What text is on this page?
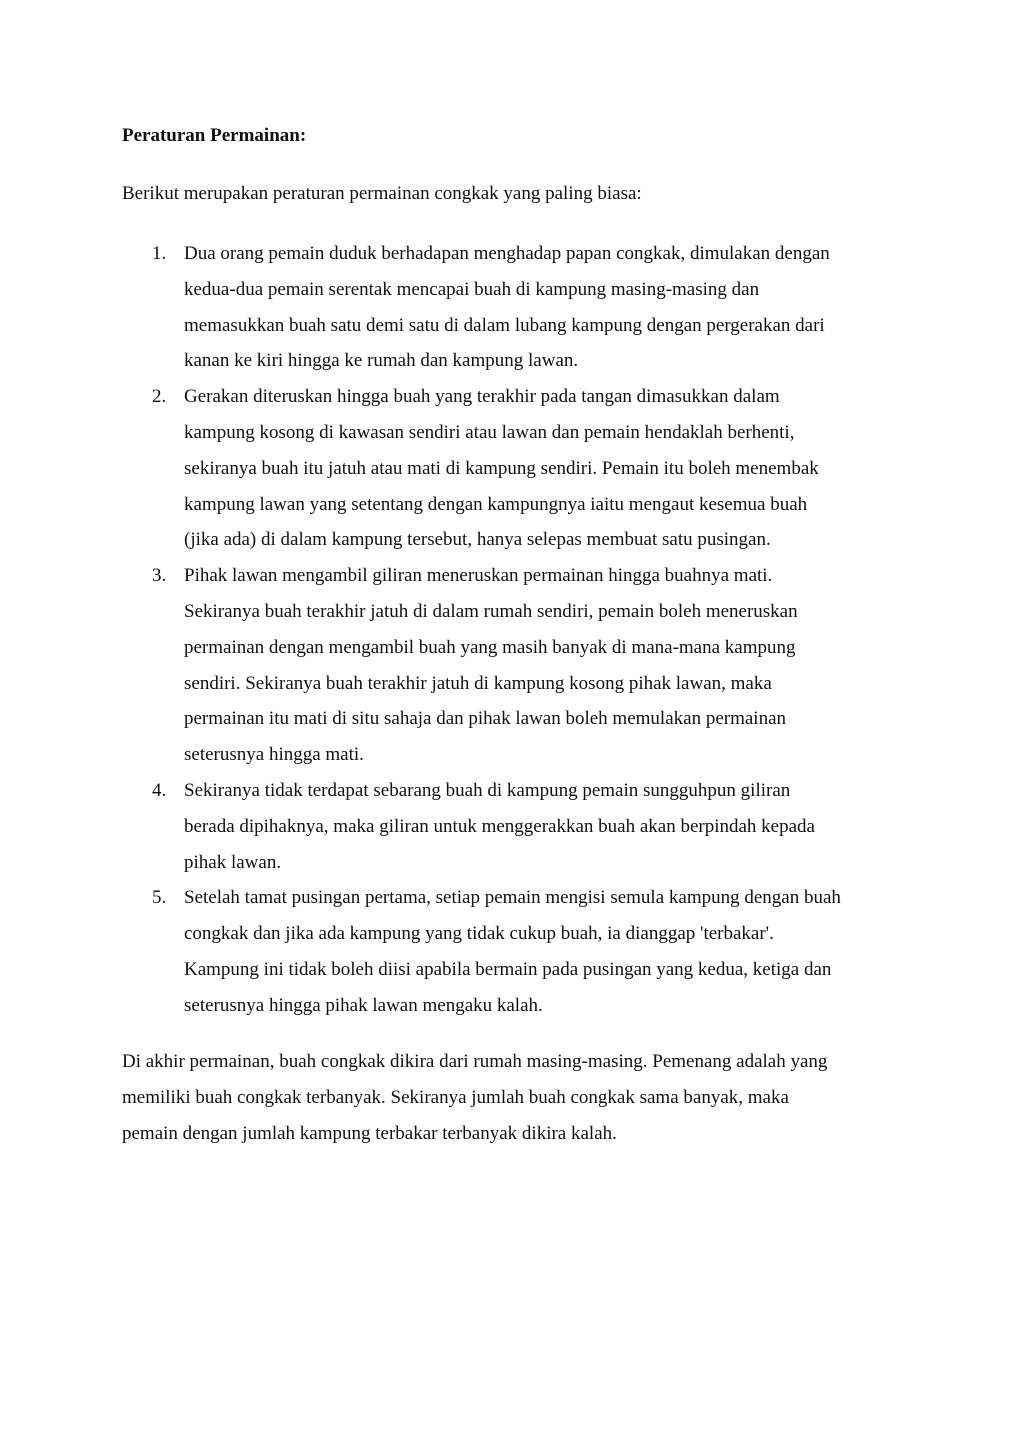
Peraturan Permainan:

Berikut merupakan peraturan permainan congkak yang paling biasa:

1. Dua orang pemain duduk berhadapan menghadap papan congkak, dimulakan dengan
kedua-dua pemain serentak mencapai buah di kampung masing-masing dan
memasukkan buah satu demi satu di dalam lubang kampung dengan pergerakan dari
kanan ke kiri hingga ke rumah dan kampung lawan.
2. Gerakan diteruskan hingga buah yang terakhir pada tangan dimasukkan dalam
kampung kosong di kawasan sendiri atau lawan dan pemain hendaklah berhenti,
sekiranya buah itu jatuh atau mati di kampung sendiri. Pemain itu boleh menembak
kampung lawan yang setentang dengan kampungnya iaitu mengaut kesemua buah
(jika ada) di dalam kampung tersebut, hanya selepas membuat satu pusingan.
3. Pihak lawan mengambil giliran meneruskan permainan hingga buahnya mati.
Sekiranya buah terakhir jatuh di dalam rumah sendiri, pemain boleh meneruskan
permainan dengan mengambil buah yang masih banyak di mana-mana kampung
sendiri. Sekiranya buah terakhir jatuh di kampung kosong pihak lawan, maka
permainan itu mati di situ sahaja dan pihak lawan boleh memulakan permainan
seterusnya hingga mati.
4. Sekiranya tidak terdapat sebarang buah di kampung pemain sungguhpun giliran
berada dipihaknya, maka giliran untuk menggerakkan buah akan berpindah kepada
pihak lawan.
5. Setelah tamat pusingan pertama, setiap pemain mengisi semula kampung dengan buah
congkak dan jika ada kampung yang tidak cukup buah, ia dianggap 'terbakar'.
Kampung ini tidak boleh diisi apabila bermain pada pusingan yang kedua, ketiga dan
seterusnya hingga pihak lawan mengaku kalah.
Di akhir permainan, buah congkak dikira dari rumah masing-masing. Pemenang adalah yang
memiliki buah congkak terbanyak. Sekiranya jumlah buah congkak sama banyak, maka
pemain dengan jumlah kampung terbakar terbanyak dikira kalah.
